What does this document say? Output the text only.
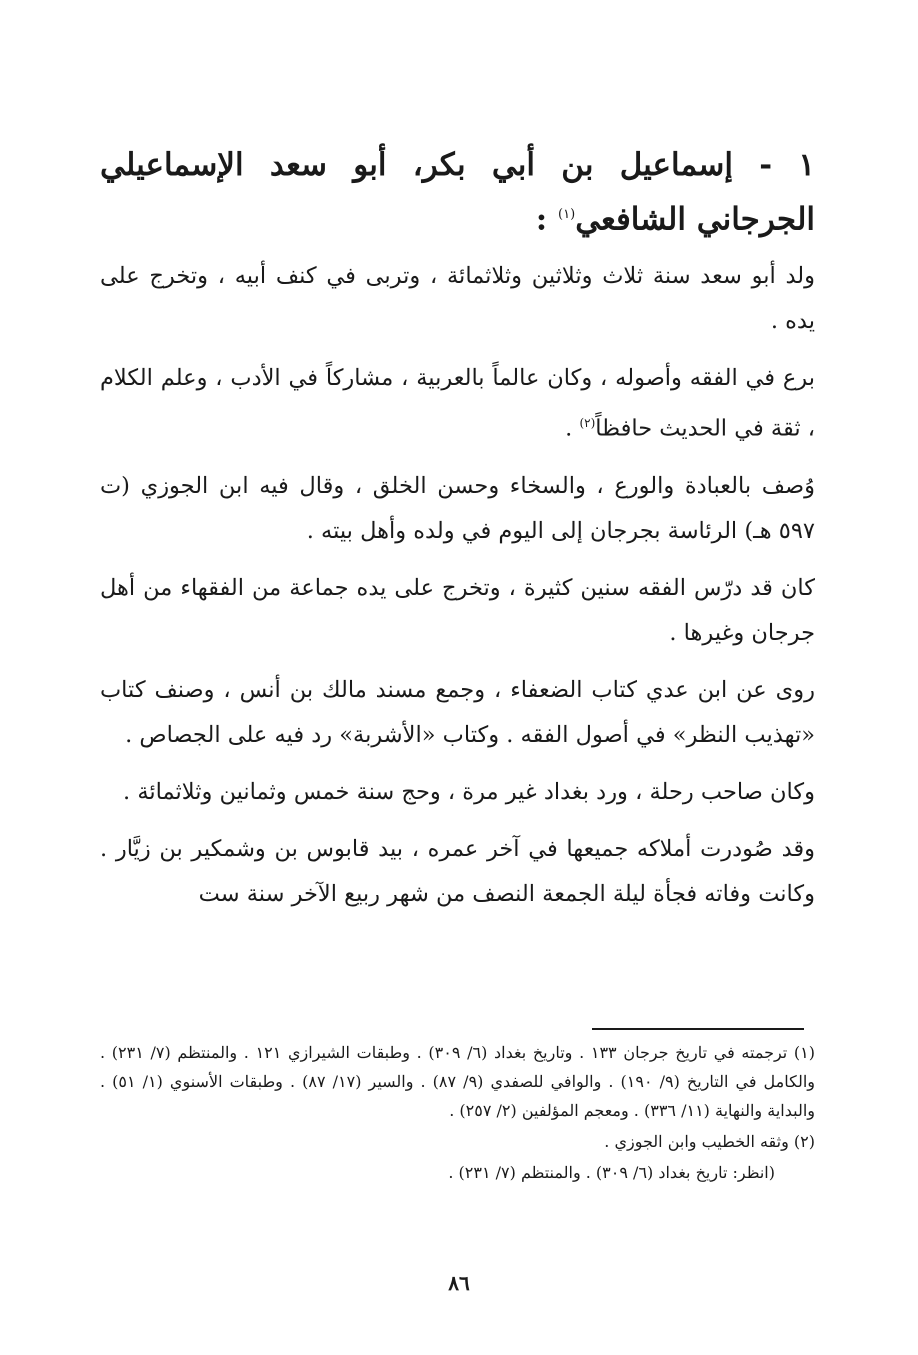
١ - إسماعيل بن أبي بكر، أبو سعد الإسماعيلي الجرجاني الشافعي$^{(١)}$ :

ولد أبو سعد سنة ثلاث وثلاثين وثلاثمائة ، وتربى في كنف أبيه ، وتخرج على يده .

برع في الفقه وأصوله ، وكان عالماً بالعربية ، مشاركاً في الأدب ، وعلم الكلام ، ثقة في الحديث حافظاً$^{(٢)}$ .

وُصف بالعبادة والورع ، والسخاء وحسن الخلق ، وقال فيه ابن الجوزي (ت ٥٩٧ هـ) الرئاسة بجرجان إلى اليوم في ولده وأهل بيته .

كان قد درّس الفقه سنين كثيرة ، وتخرج على يده جماعة من الفقهاء من أهل جرجان وغيرها .

روى عن ابن عدي كتاب الضعفاء ، وجمع مسند مالك بن أنس ، وصنف كتاب «تهذيب النظر» في أصول الفقه . وكتاب «الأشربة» رد فيه على الجصاص .

وكان صاحب رحلة ، ورد بغداد غير مرة ، وحج سنة خمس وثمانين وثلاثمائة .

وقد صُودرت أملاكه جميعها في آخر عمره ، بيد قابوس بن وشمكير بن زيَّار . وكانت وفاته فجأة ليلة الجمعة النصف من شهر ربيع الآخر سنة ست

(١) ترجمته في تاريخ جرجان ١٣٣ . وتاريخ بغداد (٦/ ٣٠٩) . وطبقات الشيرازي ١٢١ . والمنتظم (٧/ ٢٣١) . والكامل في التاريخ (٩/ ١٩٠) . والوافي للصفدي (٩/ ٨٧) . والسير (١٧/ ٨٧) . وطبقات الأسنوي (١/ ٥١) . والبداية والنهاية (١١/ ٣٣٦) . ومعجم المؤلفين (٢/ ٢٥٧) .

(٢) وثقه الخطيب وابن الجوزي .

(انظر: تاريخ بغداد (٦/ ٣٠٩) . والمنتظم (٧/ ٢٣١) .

٨٦
